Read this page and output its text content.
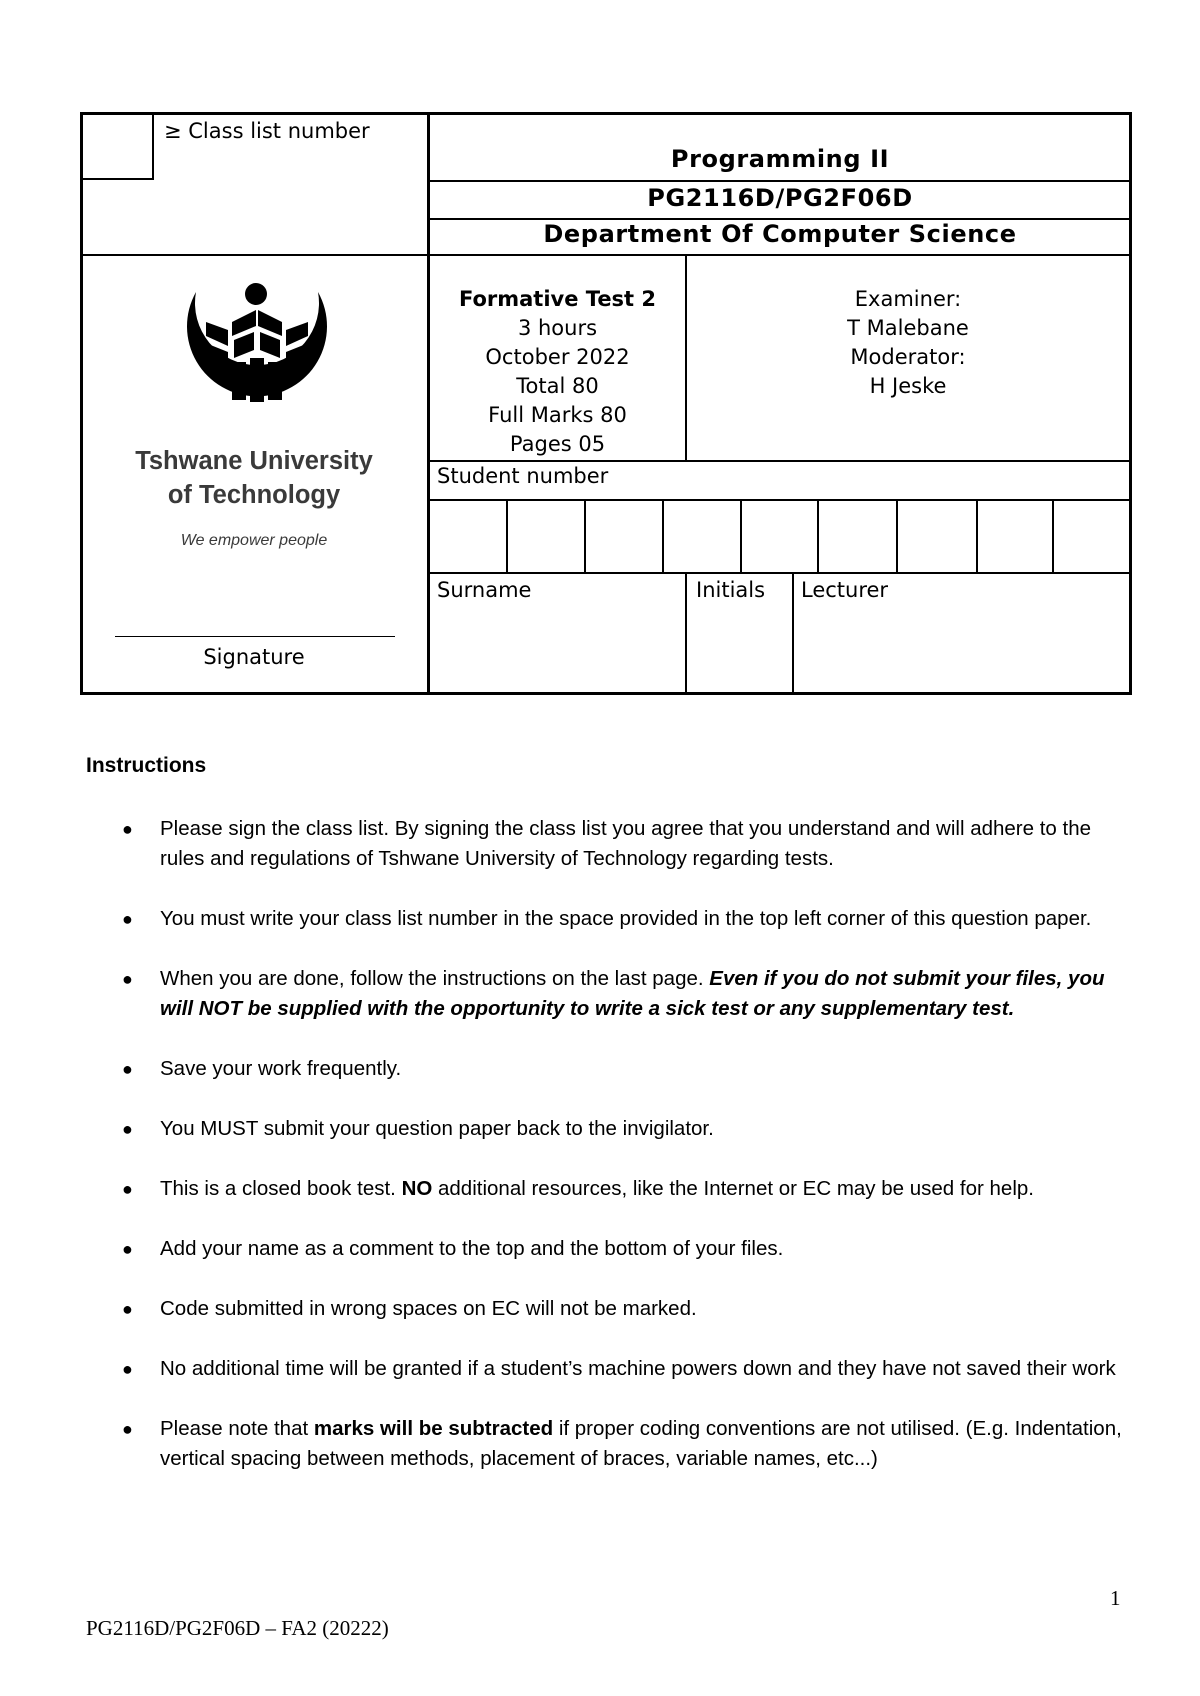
≥ Class list number
Programming II
PG2116D/PG2F06D
Department Of Computer Science
Tshwane University
of Technology
We empower people
Signature
Formative Test 2
3 hours
October 2022
Total 80
Full Marks 80
Pages 05
Examiner:
T Malebane
Moderator:
H Jeske
Student number
Surname	Initials Lecturer
Instructions
● Please sign the class list. By signing the class list you agree that you understand and will adhere to the rules and regulations of Tshwane University of Technology regarding tests.
● You must write your class list number in the space provided in the top left corner of this question paper.
● When you are done, follow the instructions on the last page. Even if you do not submit your files, you will NOT be supplied with the opportunity to write a sick test or any supplementary test.
● Save your work frequently.
● You MUST submit your question paper back to the invigilator.
● This is a closed book test. NO additional resources, like the Internet or EC may be used for help.
● Add your name as a comment to the top and the bottom of your files.
● Code submitted in wrong spaces on EC will not be marked.
● No additional time will be granted if a student’s machine powers down and they have not saved their work
● Please note that marks will be subtracted if proper coding conventions are not utilised. (E.g. Indentation, vertical spacing between methods, placement of braces, variable names, etc...)
1
PG2116D/PG2F06D – FA2 (20222)
